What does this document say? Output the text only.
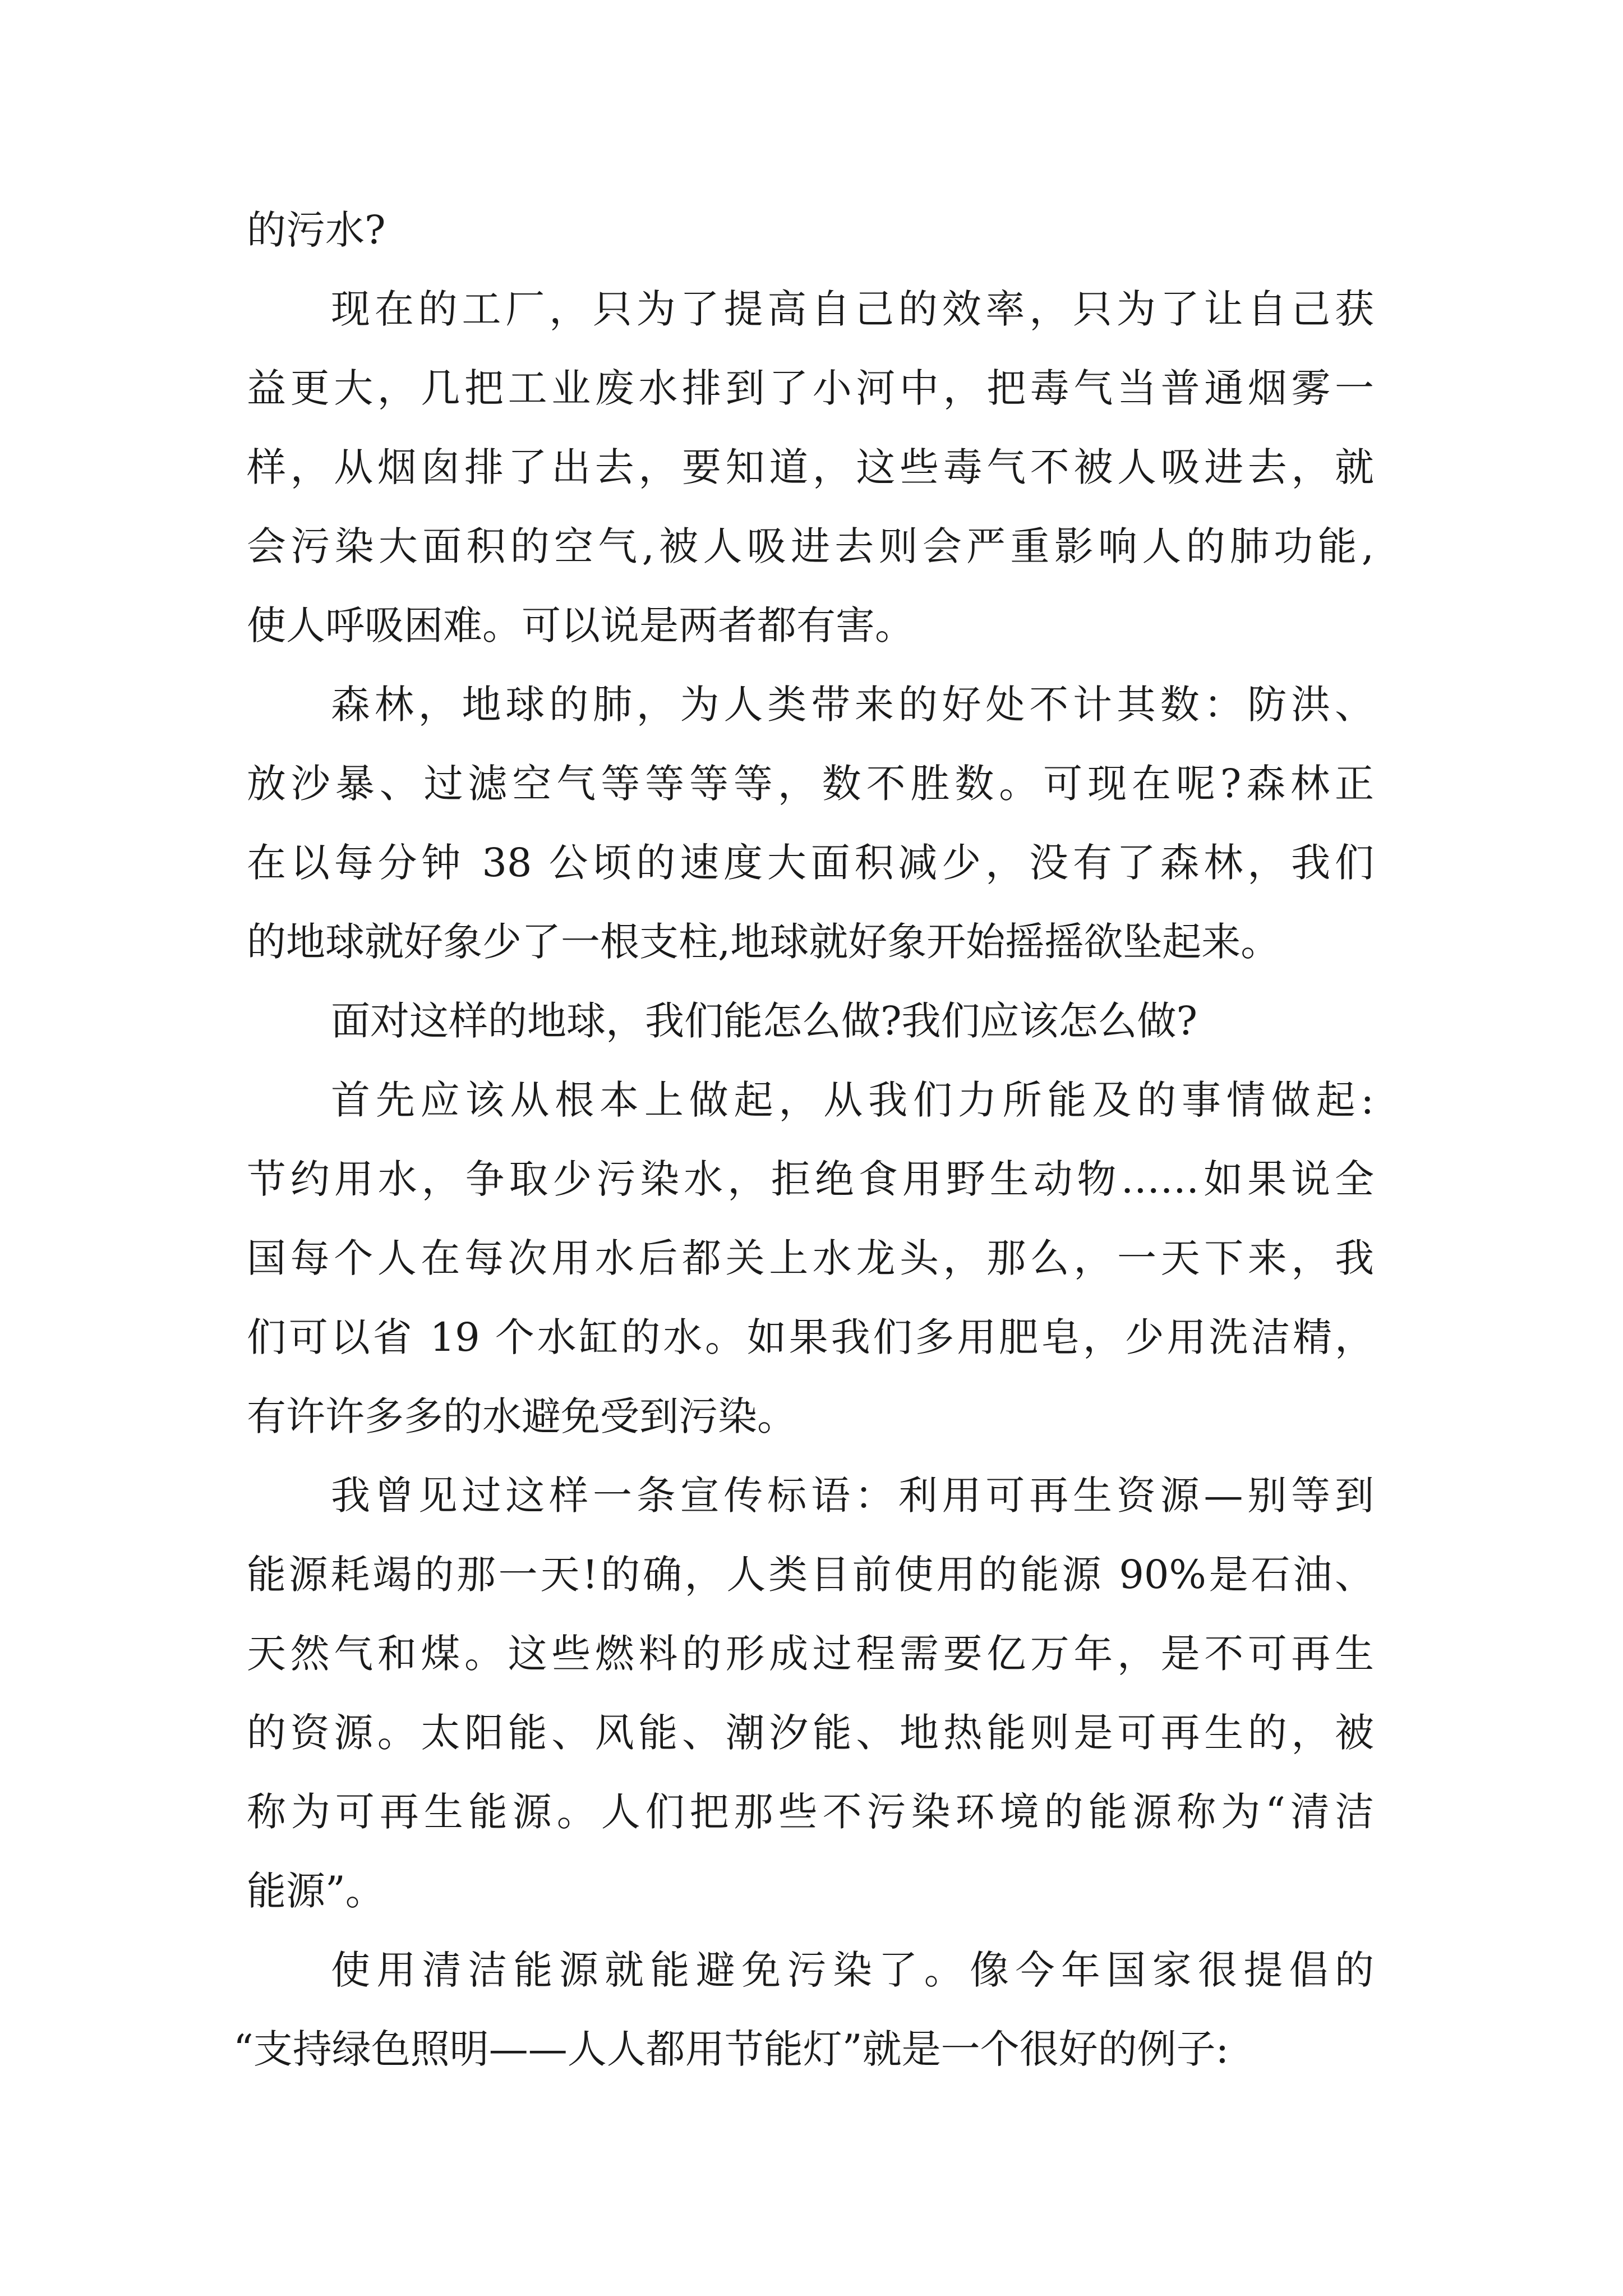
的污水?
现在的工厂，只为了提高自己的效率，只为了让自己获
益更大，几把工业废水排到了小河中，把毒气当普通烟雾一
样，从烟囱排了出去，要知道，这些毒气不被人吸进去，就
会污染大面积的空气,被人吸进去则会严重影响人的肺功能,
使人呼吸困难。可以说是两者都有害。
森林，地球的肺，为人类带来的好处不计其数：防洪、
放沙暴、过滤空气等等等等，数不胜数。可现在呢?森林正
在以每分钟 38 公顷的速度大面积减少，没有了森林，我们
的地球就好象少了一根支柱,地球就好象开始摇摇欲坠起来。
面对这样的地球，我们能怎么做?我们应该怎么做?
首先应该从根本上做起，从我们力所能及的事情做起:
节约用水，争取少污染水，拒绝食用野生动物……如果说全
国每个人在每次用水后都关上水龙头，那么，一天下来，我
们可以省 19 个水缸的水。如果我们多用肥皂，少用洗洁精，
有许许多多的水避免受到污染。
我曾见过这样一条宣传标语：利用可再生资源—别等到
能源耗竭的那一天!的确，人类目前使用的能源 90%是石油、
天然气和煤。这些燃料的形成过程需要亿万年，是不可再生
的资源。太阳能、风能、潮汐能、地热能则是可再生的，被
称为可再生能源。人们把那些不污染环境的能源称为“清洁
能源”。
使用清洁能源就能避免污染了。像今年国家很提倡的
“支持绿色照明——人人都用节能灯”就是一个很好的例子:
